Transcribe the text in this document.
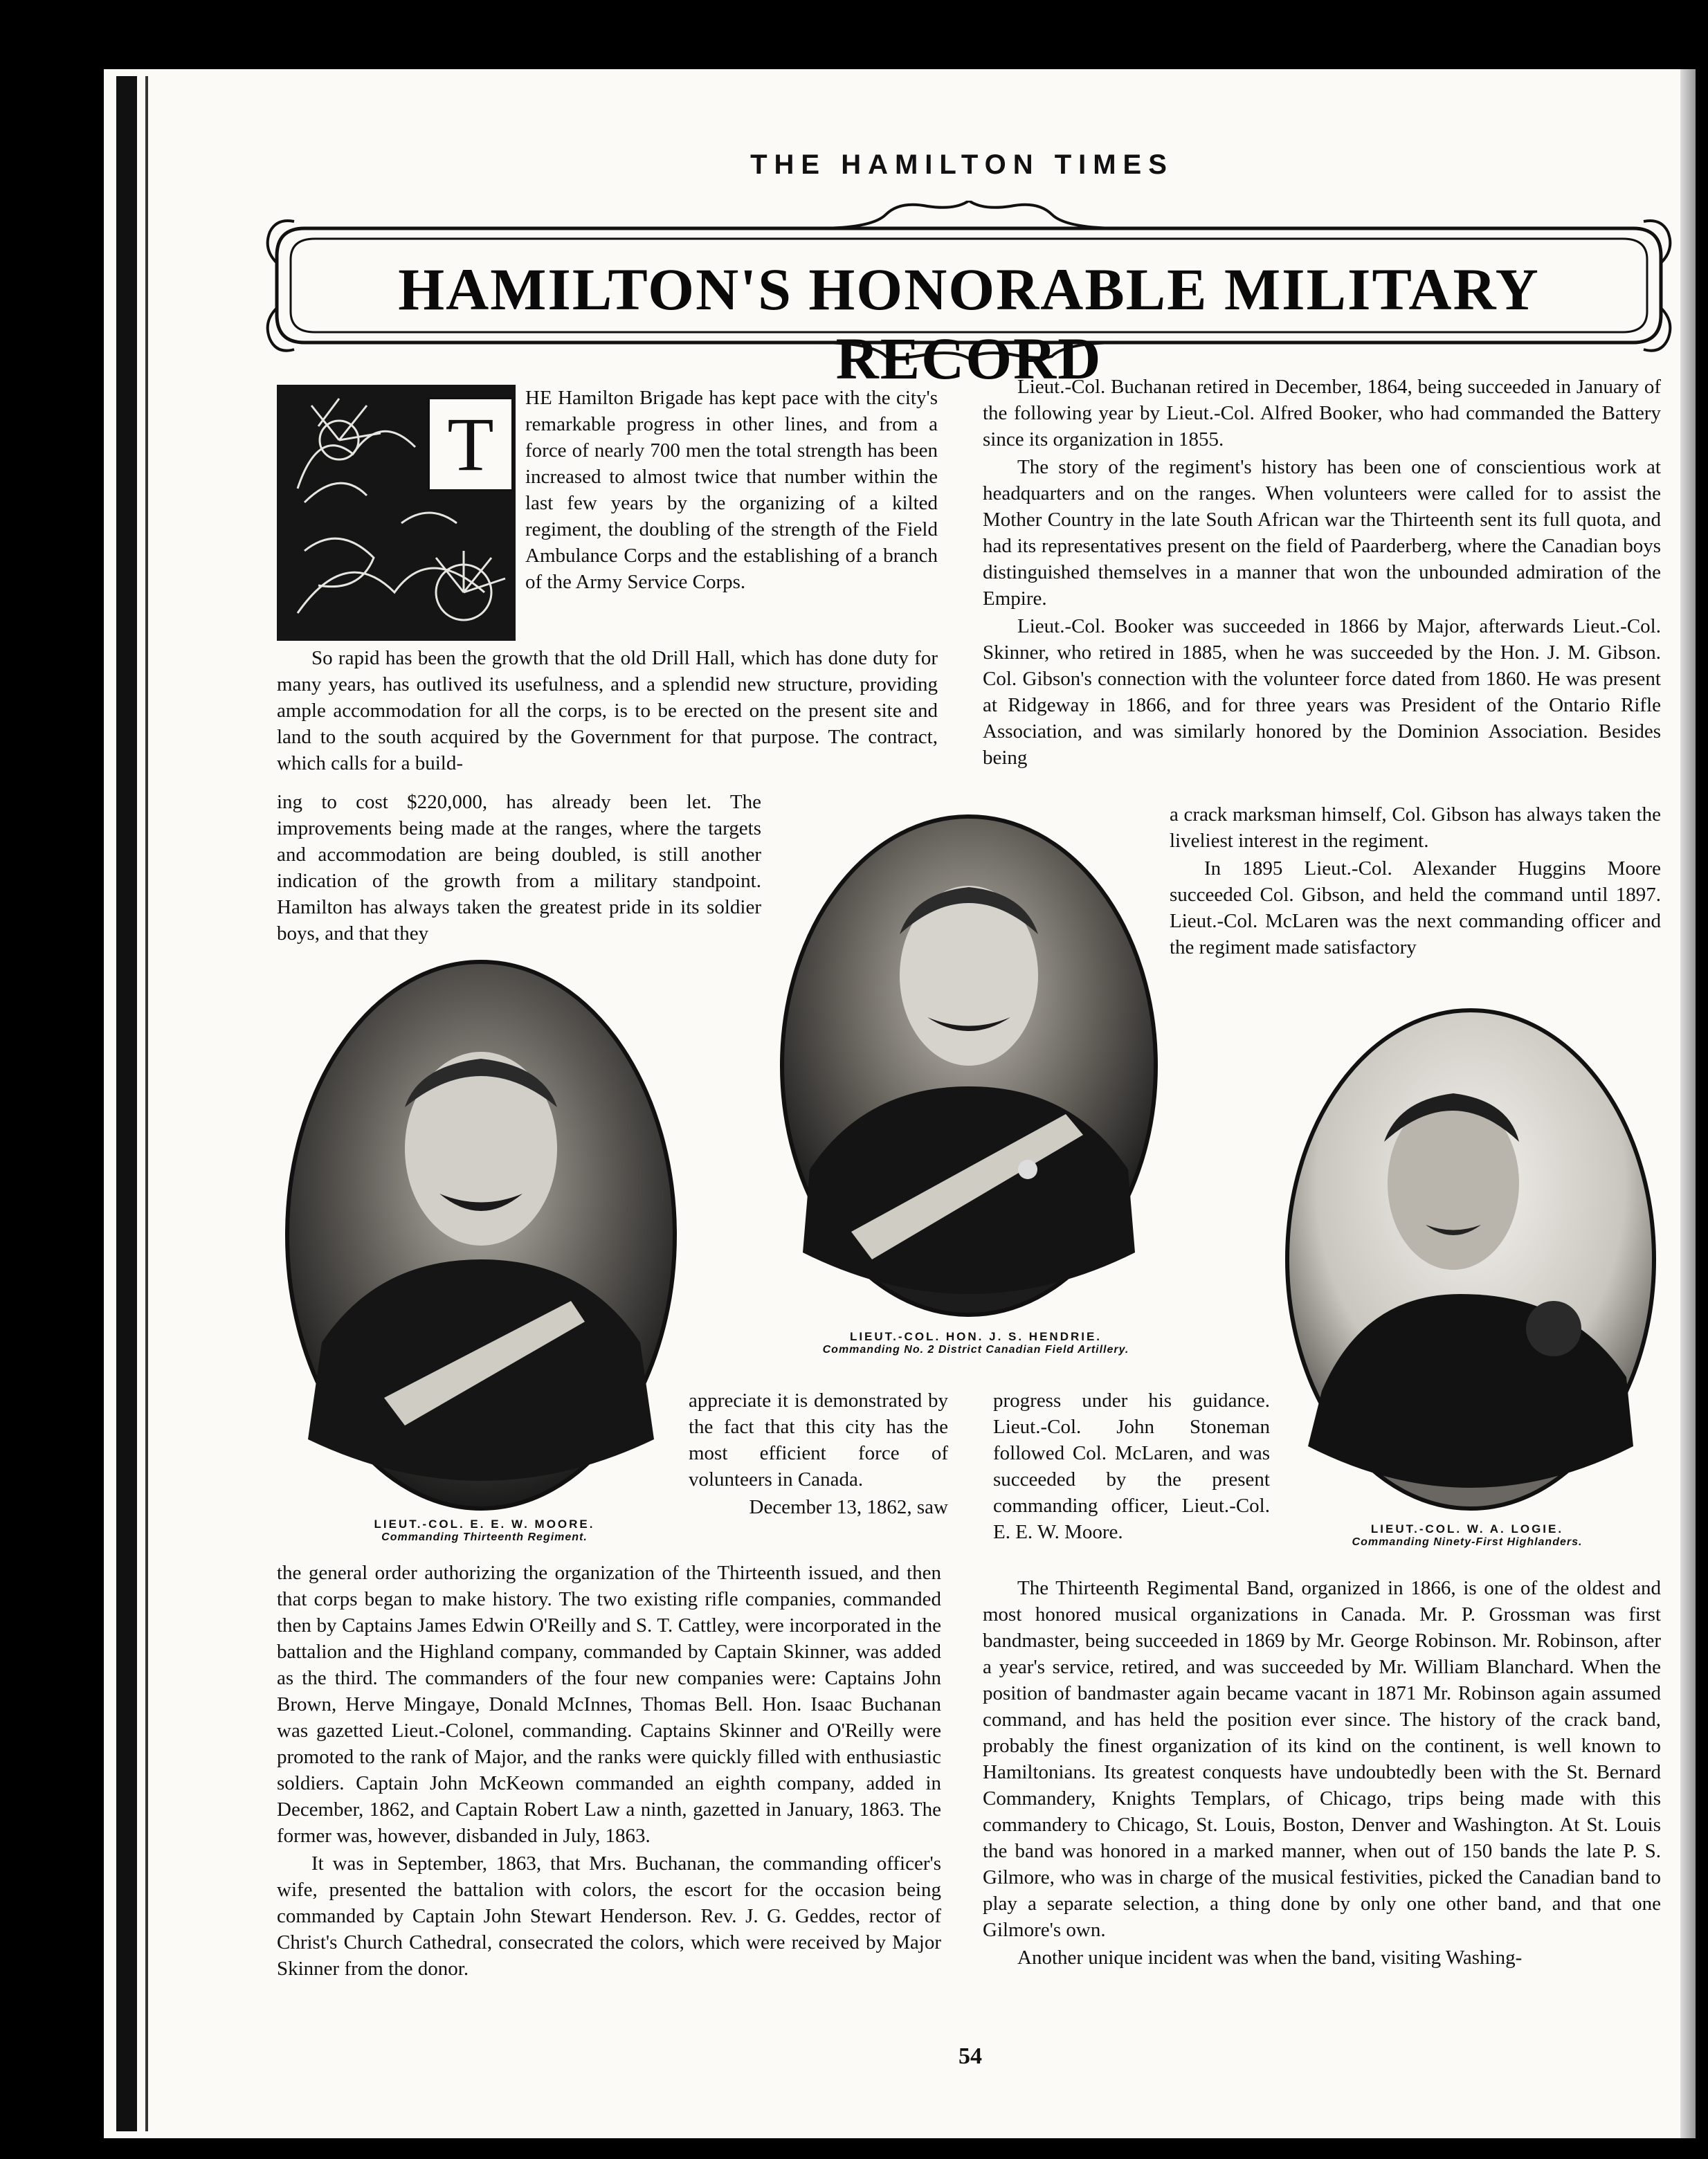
THE HAMILTON TIMES
HAMILTON'S HONORABLE MILITARY RECORD
T

HE Hamilton Brigade has kept pace with the city's remarkable progress in other lines, and from a force of nearly 700 men the total strength has been increased to almost twice that number within the last few years by the organizing of a kilted regiment, the doubling of the strength of the Field Ambulance Corps and the establishing of a branch of the Army Service Corps.

So rapid has been the growth that the old Drill Hall, which has done duty for many years, has outlived its usefulness, and a splendid new structure, providing ample accommodation for all the corps, is to be erected on the present site and land to the south acquired by the Government for that purpose. The contract, which calls for a build-

ing to cost $220,000, has already been let. The improvements being made at the ranges, where the targets and accommodation are being doubled, is still another indication of the growth from a military standpoint. Hamilton has always taken the greatest pride in its soldier boys, and that they

Lieut.-Col. Buchanan retired in December, 1864, being succeeded in January of the following year by Lieut.-Col. Alfred Booker, who had commanded the Battery since its organization in 1855.

The story of the regiment's history has been one of conscientious work at headquarters and on the ranges. When volunteers were called for to assist the Mother Country in the late South African war the Thirteenth sent its full quota, and had its representatives present on the field of Paarderberg, where the Canadian boys distinguished themselves in a manner that won the unbounded admiration of the Empire.

Lieut.-Col. Booker was succeeded in 1866 by Major, afterwards Lieut.-Col. Skinner, who retired in 1885, when he was succeeded by the Hon. J. M. Gibson. Col. Gibson's connection with the volunteer force dated from 1860. He was present at Ridgeway in 1866, and for three years was President of the Ontario Rifle Association, and was similarly honored by the Dominion Association. Besides being

a crack marksman himself, Col. Gibson has always taken the liveliest interest in the regiment.

In 1895 Lieut.-Col. Alexander Huggins Moore succeeded Col. Gibson, and held the command until 1897. Lieut.-Col. McLaren was the next commanding officer and the regiment made satisfactory

LIEUT.-COL. E. E. W. MOORE.
Commanding Thirteenth Regiment.
LIEUT.-COL. HON. J. S. HENDRIE.
Commanding No. 2 District Canadian Field Artillery.
LIEUT.-COL. W. A. LOGIE.
Commanding Ninety-First Highlanders.

appreciate it is demonstrated by the fact that this city has the most efficient force of volunteers in Canada.

December 13, 1862, saw

progress under his guidance. Lieut.-Col. John Stoneman followed Col. McLaren, and was succeeded by the present commanding officer, Lieut.-Col. E. E. W. Moore.

the general order authorizing the organization of the Thirteenth issued, and then that corps began to make history. The two existing rifle companies, commanded then by Captains James Edwin O'Reilly and S. T. Cattley, were incorporated in the battalion and the Highland company, commanded by Captain Skinner, was added as the third. The commanders of the four new companies were: Captains John Brown, Herve Mingaye, Donald McInnes, Thomas Bell. Hon. Isaac Buchanan was gazetted Lieut.-Colonel, commanding. Captains Skinner and O'Reilly were promoted to the rank of Major, and the ranks were quickly filled with enthusiastic soldiers. Captain John McKeown commanded an eighth company, added in December, 1862, and Captain Robert Law a ninth, gazetted in January, 1863. The former was, however, disbanded in July, 1863.

It was in September, 1863, that Mrs. Buchanan, the commanding officer's wife, presented the battalion with colors, the escort for the occasion being commanded by Captain John Stewart Henderson. Rev. J. G. Geddes, rector of Christ's Church Cathedral, consecrated the colors, which were received by Major Skinner from the donor.

The Thirteenth Regimental Band, organized in 1866, is one of the oldest and most honored musical organizations in Canada. Mr. P. Grossman was first bandmaster, being succeeded in 1869 by Mr. George Robinson. Mr. Robinson, after a year's service, retired, and was succeeded by Mr. William Blanchard. When the position of bandmaster again became vacant in 1871 Mr. Robinson again assumed command, and has held the position ever since. The history of the crack band, probably the finest organization of its kind on the continent, is well known to Hamiltonians. Its greatest conquests have undoubtedly been with the St. Bernard Commandery, Knights Templars, of Chicago, trips being made with this commandery to Chicago, St. Louis, Boston, Denver and Washington. At St. Louis the band was honored in a marked manner, when out of 150 bands the late P. S. Gilmore, who was in charge of the musical festivities, picked the Canadian band to play a separate selection, a thing done by only one other band, and that one Gilmore's own.

Another unique incident was when the band, visiting Washing-

54
